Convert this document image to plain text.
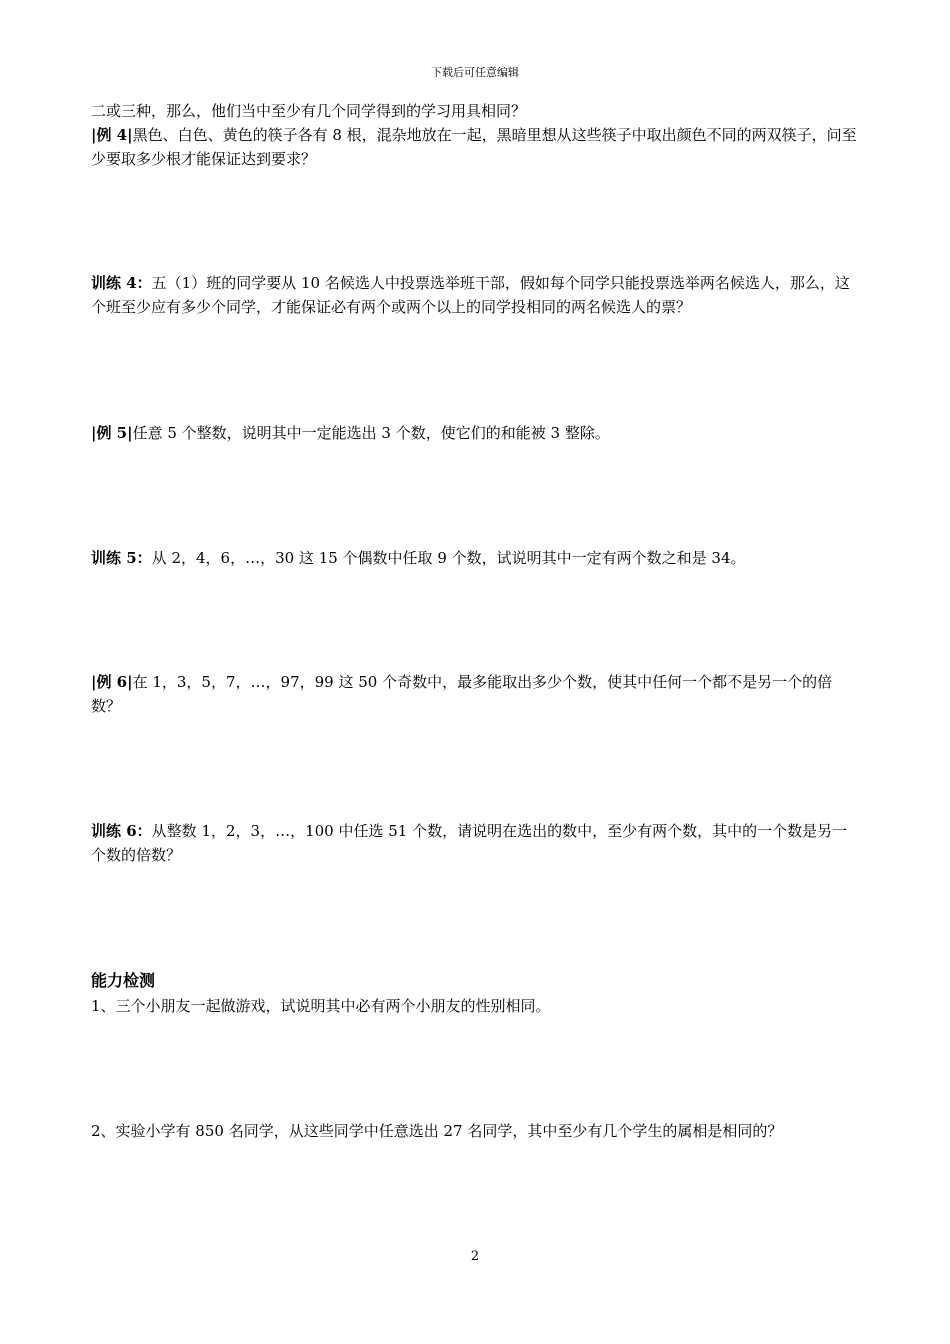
下载后可任意编辑

二或三种，那么，他们当中至少有几个同学得到的学习用具相同？

|例 4|黑色、白色、黄色的筷子各有 8 根，混杂地放在一起，黑暗里想从这些筷子中取出颜色不同的两双筷子，问至少要取多少根才能保证达到要求？

训练 4：五（1）班的同学要从 10 名候选人中投票选举班干部，假如每个同学只能投票选举两名候选人，那么，这个班至少应有多少个同学，才能保证必有两个或两个以上的同学投相同的两名候选人的票？

|例 5|任意 5 个整数，说明其中一定能选出 3 个数，使它们的和能被 3 整除。

训练 5：从 2，4，6，…，30 这 15 个偶数中任取 9 个数，试说明其中一定有两个数之和是 34。

|例 6|在 1，3，5，7，…，97，99 这 50 个奇数中，最多能取出多少个数，使其中任何一个都不是另一个的倍数？

训练 6：从整数 1，2，3，…，100 中任选 51 个数，请说明在选出的数中，至少有两个数，其中的一个数是另一个数的倍数？

能力检测

1、三个小朋友一起做游戏，试说明其中必有两个小朋友的性别相同。

2、实验小学有 850 名同学，从这些同学中任意选出 27 名同学，其中至少有几个学生的属相是相同的？

2
